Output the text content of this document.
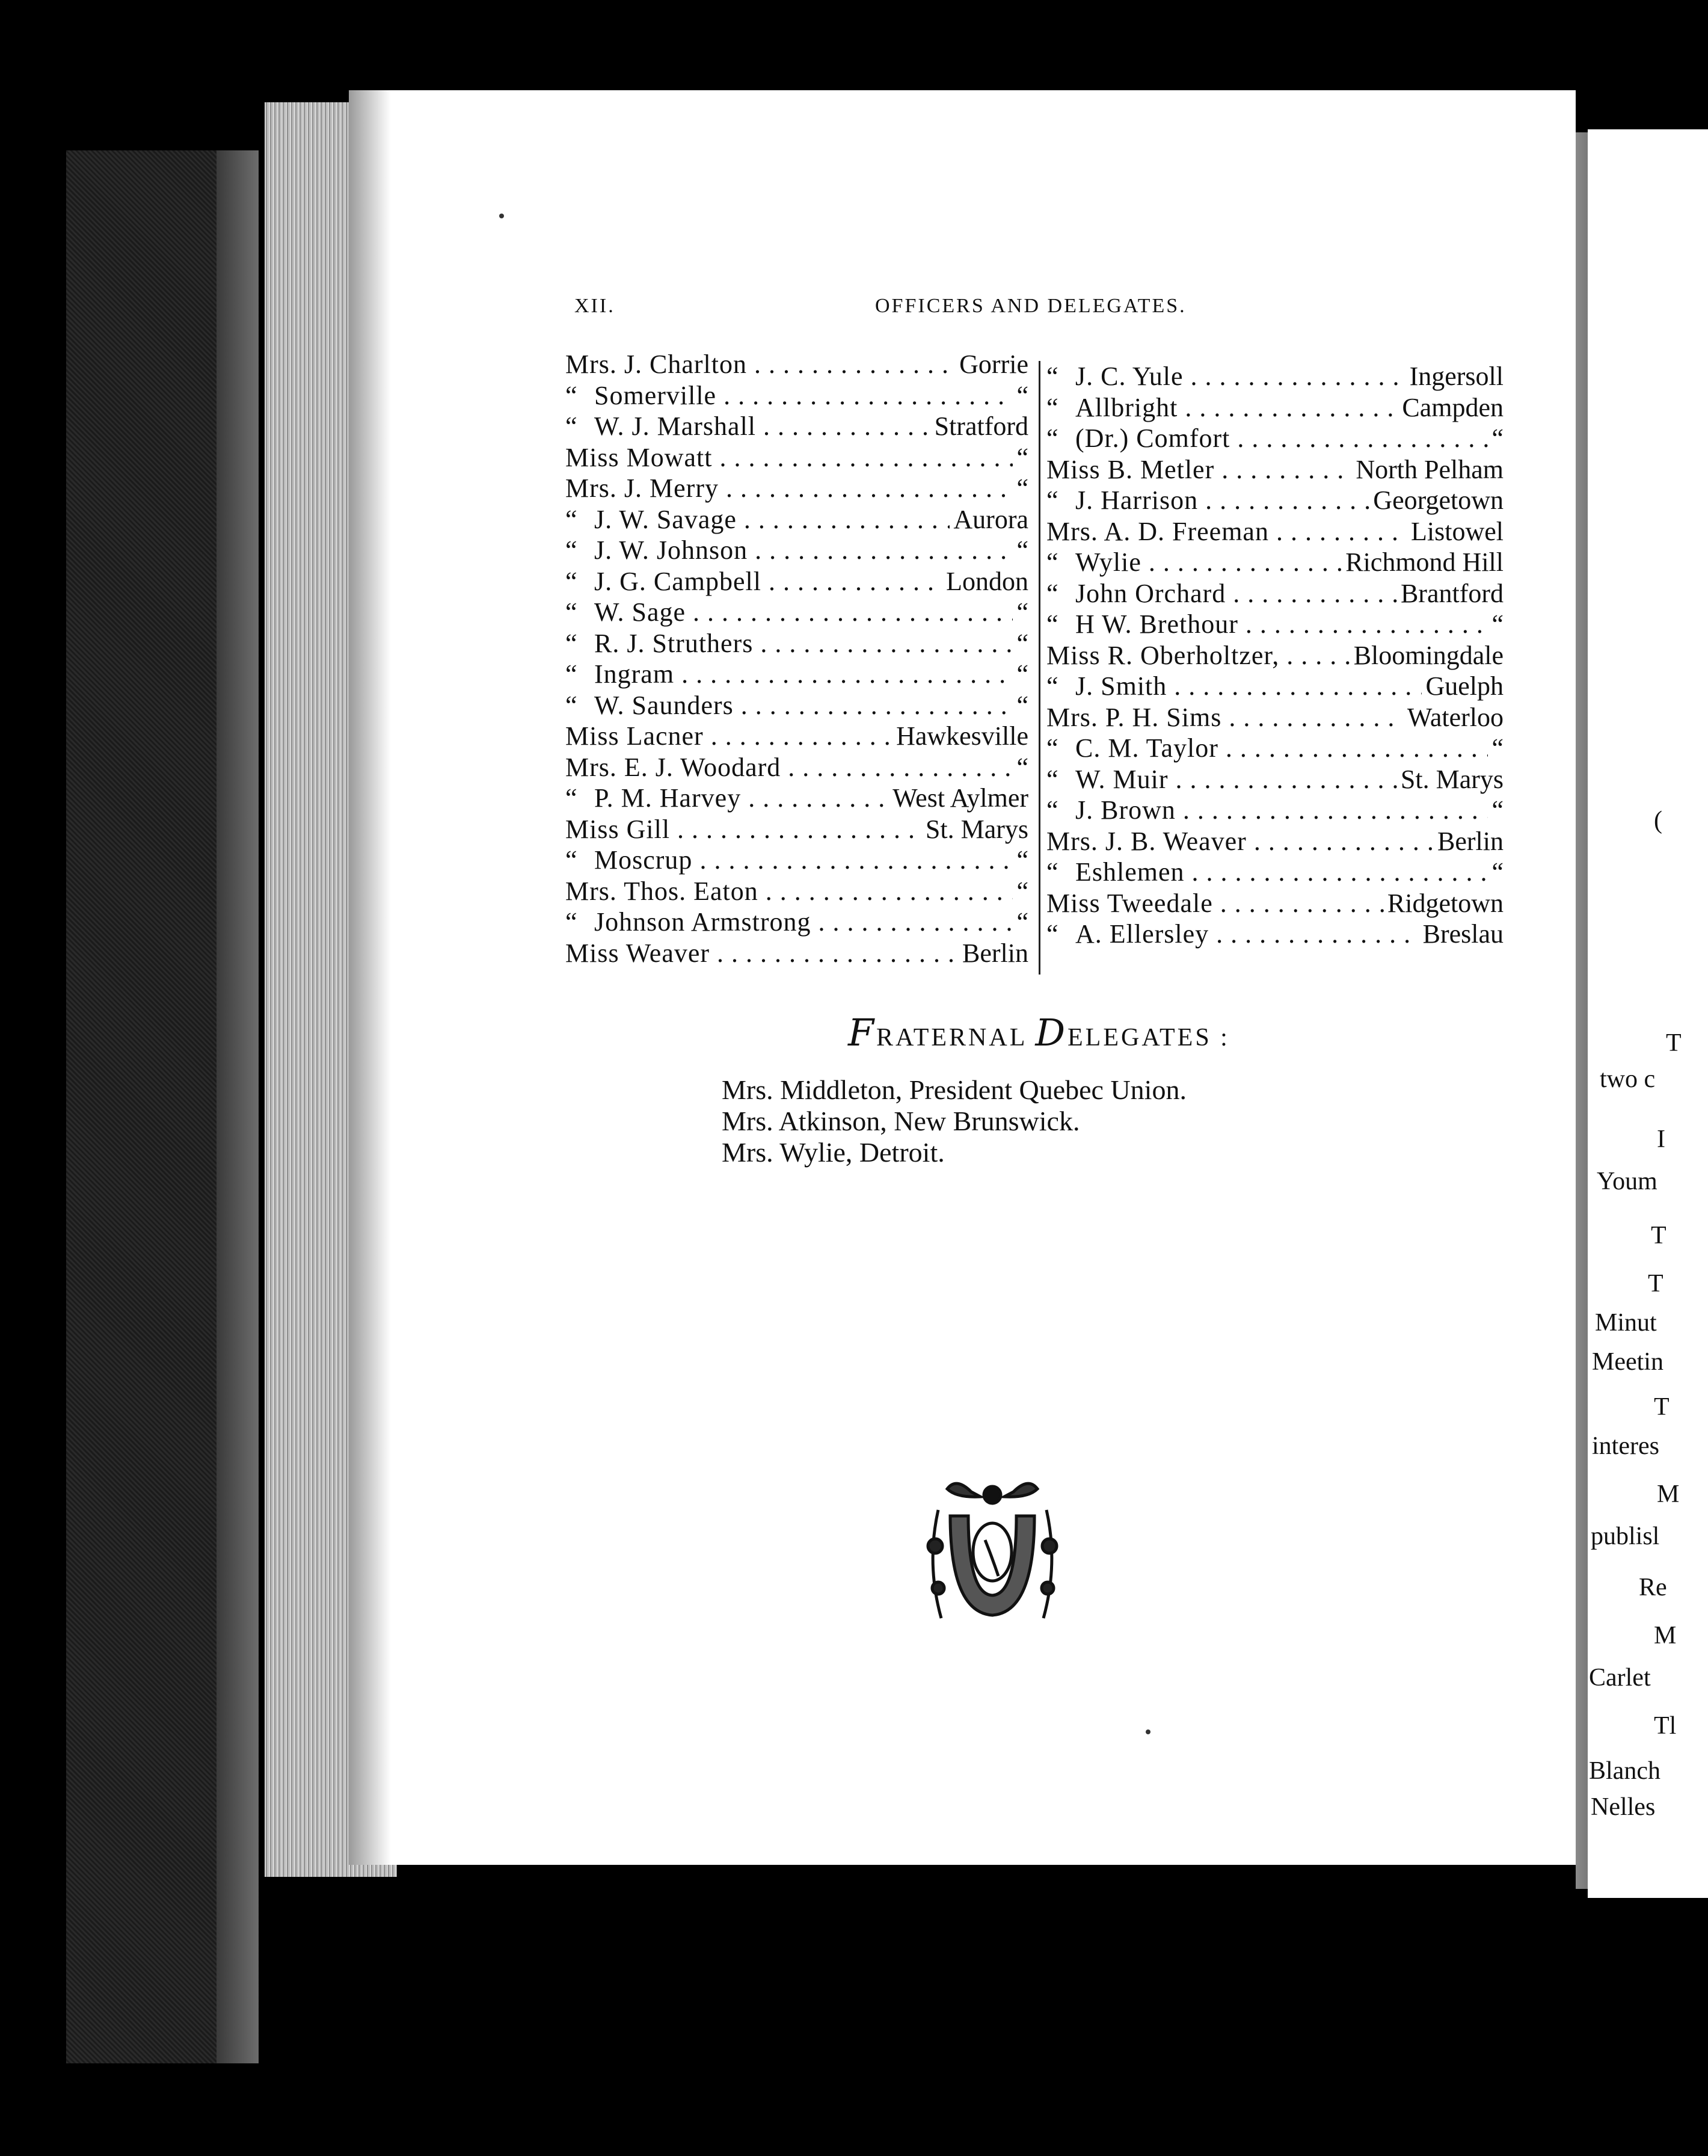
(
T
two c
I
Youm
T
T
Minut
Meetin
T
interes
M
publisl
Re
M
Carlet
Tl
Blanch
Nelles
XII.	OFFICERS AND DELEGATES.
Mrs. J. Charlton . . .	Gorrie
“ Somerville . . .	“
“ W. J. Marshall . . .	Stratford
Miss Mowatt . . .	“
Mrs. J. Merry . . .	“
“ J. W. Savage . . .	Aurora
“ J. W. Johnson . . .	“
“ J. G. Campbell . . .	London
“ W. Sage . . .	“
“ R. J. Struthers . . .	“
“ Ingram . . .	“
“ W. Saunders . . .	“
Miss Lacner . . .	Hawkesville
Mrs. E. J. Woodard . . .	“
“ P. M. Harvey . . .	West Aylmer
Miss Gill . . .	St. Marys
“ Moscrup . . .	“
Mrs. Thos. Eaton . . .	“
“ Johnson Armstrong . . .	“
Miss Weaver . . .	Berlin
“ J. C. Yule . . .	Ingersoll
“ Allbright . . .	Campden
“ (Dr.) Comfort . . .	“
Miss B. Metler . . .	North Pelham
“ J. Harrison . . .	Georgetown
Mrs. A. D. Freeman . . .	Listowel
“ Wylie . . .	Richmond Hill
“ John Orchard . . .	Brantford
“ H W. Brethour . . .	“
Miss R. Oberholtzer, . . .	Bloomingdale
“ J. Smith . . .	Guelph
Mrs. P. H. Sims . . .	Waterloo
“ C. M. Taylor . . .	“
“ W. Muir . . .	St. Marys
“ J. Brown . . .	“
Mrs. J. B. Weaver . . .	Berlin
“ Eshlemen . . .	“
Miss Tweedale . . .	Ridgetown
“ A. Ellersley . . .	Breslau
FRATERNAL DELEGATES :
Mrs. Middleton, President Quebec Union.
Mrs. Atkinson, New Brunswick.
Mrs. Wylie, Detroit.
